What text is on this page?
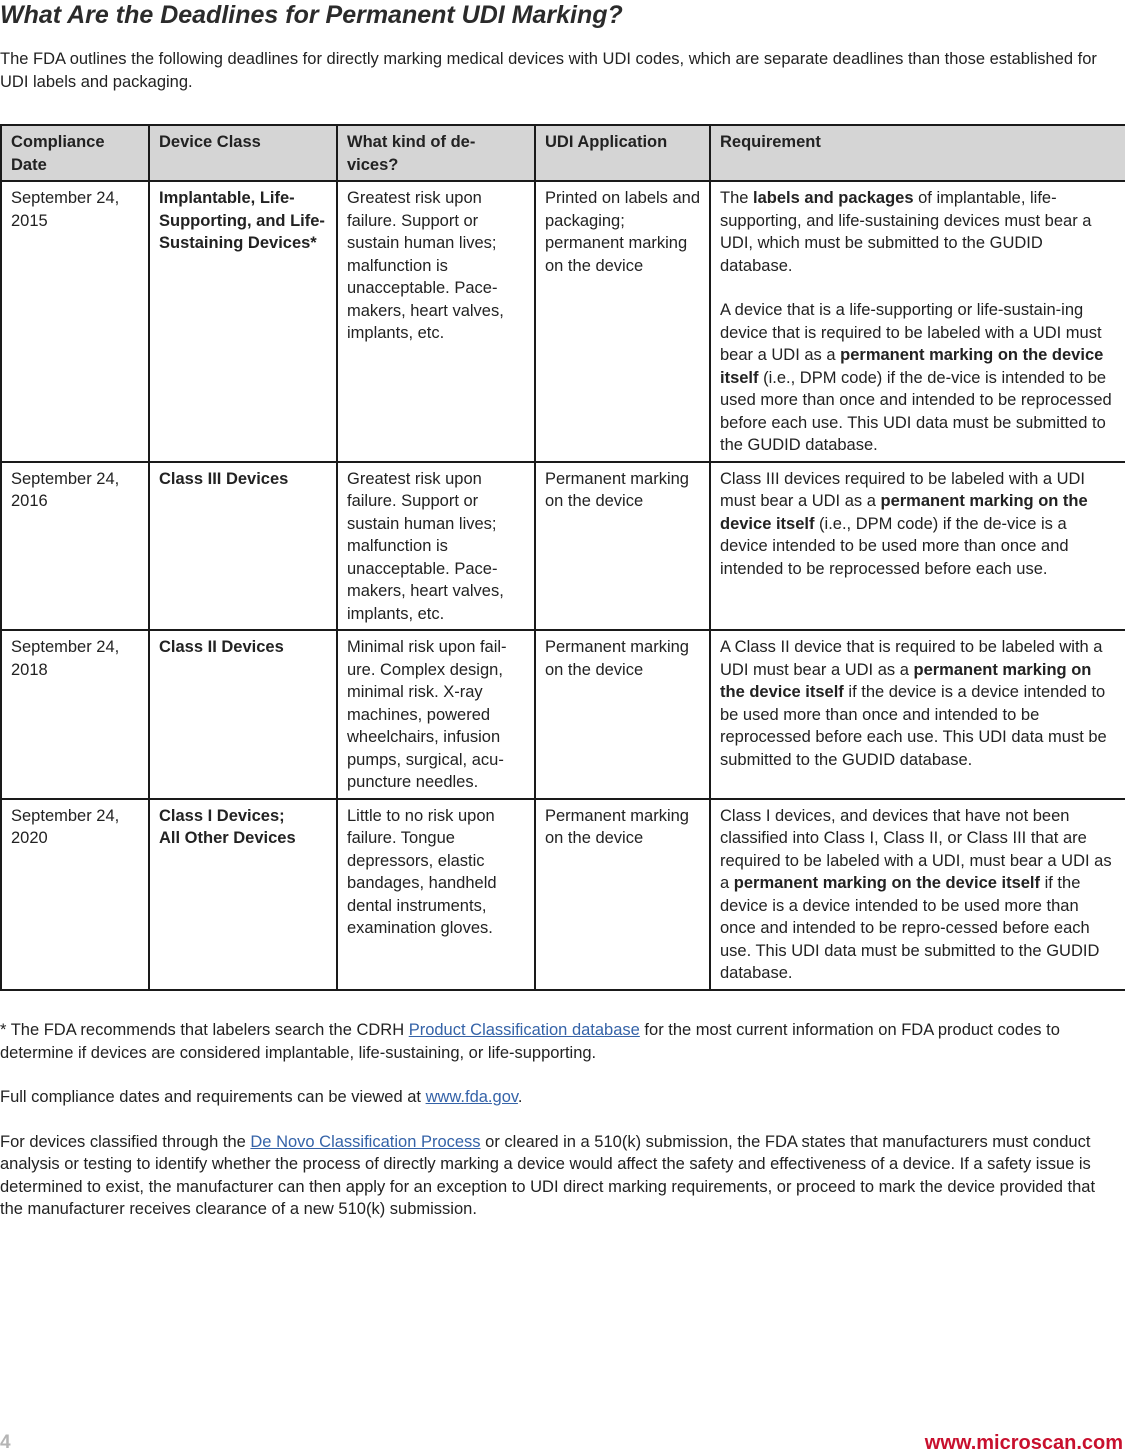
What Are the Deadlines for Permanent UDI Marking?

The FDA outlines the following deadlines for directly marking medical devices with UDI codes, which are separate deadlines than those established for UDI labels and packaging.

Compliance Date	Device Class	What kind of de-vices?	UDI Application	Requirement
September 24, 2015	Implantable, Life-Supporting, and Life-Sustaining Devices*	Greatest risk upon failure. Support or sustain human lives; malfunction is unacceptable. Pace-makers, heart valves, implants, etc.	Printed on labels and packaging; permanent marking on the device	The labels and packages of implantable, life-supporting, and life-sustaining devices must bear a UDI, which must be submitted to the GUDID database.

A device that is a life-supporting or life-sustain-ing device that is required to be labeled with a UDI must bear a UDI as a permanent marking on the device itself (i.e., DPM code) if the de-vice is intended to be used more than once and intended to be reprocessed before each use. This UDI data must be submitted to the GUDID database.

September 24, 2016	Class III Devices	Greatest risk upon failure. Support or sustain human lives; malfunction is unacceptable. Pace-makers, heart valves, implants, etc.	Permanent marking on the device	Class III devices required to be labeled with a UDI must bear a UDI as a permanent marking on the device itself (i.e., DPM code) if the de-vice is a device intended to be used more than once and intended to be reprocessed before each use.
September 24, 2018	Class II Devices	Minimal risk upon fail-ure. Complex design, minimal risk. X-ray machines, powered wheelchairs, infusion pumps, surgical, acu-puncture needles.	Permanent marking on the device	A Class II device that is required to be labeled with a UDI must bear a UDI as a permanent marking on the device itself if the device is a device intended to be used more than once and intended to be reprocessed before each use. This UDI data must be submitted to the GUDID database.
September 24, 2020	Class I Devices;
All Other Devices	Little to no risk upon failure. Tongue depressors, elastic bandages, handheld dental instruments, examination gloves.	Permanent marking on the device	Class I devices, and devices that have not been classified into Class I, Class II, or Class III that are required to be labeled with a UDI, must bear a UDI as a permanent marking on the device itself if the device is a device intended to be used more than once and intended to be repro-cessed before each use. This UDI data must be submitted to the GUDID database.

* The FDA recommends that labelers search the CDRH Product Classification database for the most current information on FDA product codes to determine if devices are considered implantable, life-sustaining, or life-supporting.

Full compliance dates and requirements can be viewed at www.fda.gov.

For devices classified through the De Novo Classification Process or cleared in a 510(k) submission, the FDA states that manufacturers must conduct analysis or testing to identify whether the process of directly marking a device would affect the safety and effectiveness of a device. If a safety issue is determined to exist, the manufacturer can then apply for an exception to UDI direct marking requirements, or proceed to mark the device provided that the manufacturer receives clearance of a new 510(k) submission.

4	www.microscan.com
